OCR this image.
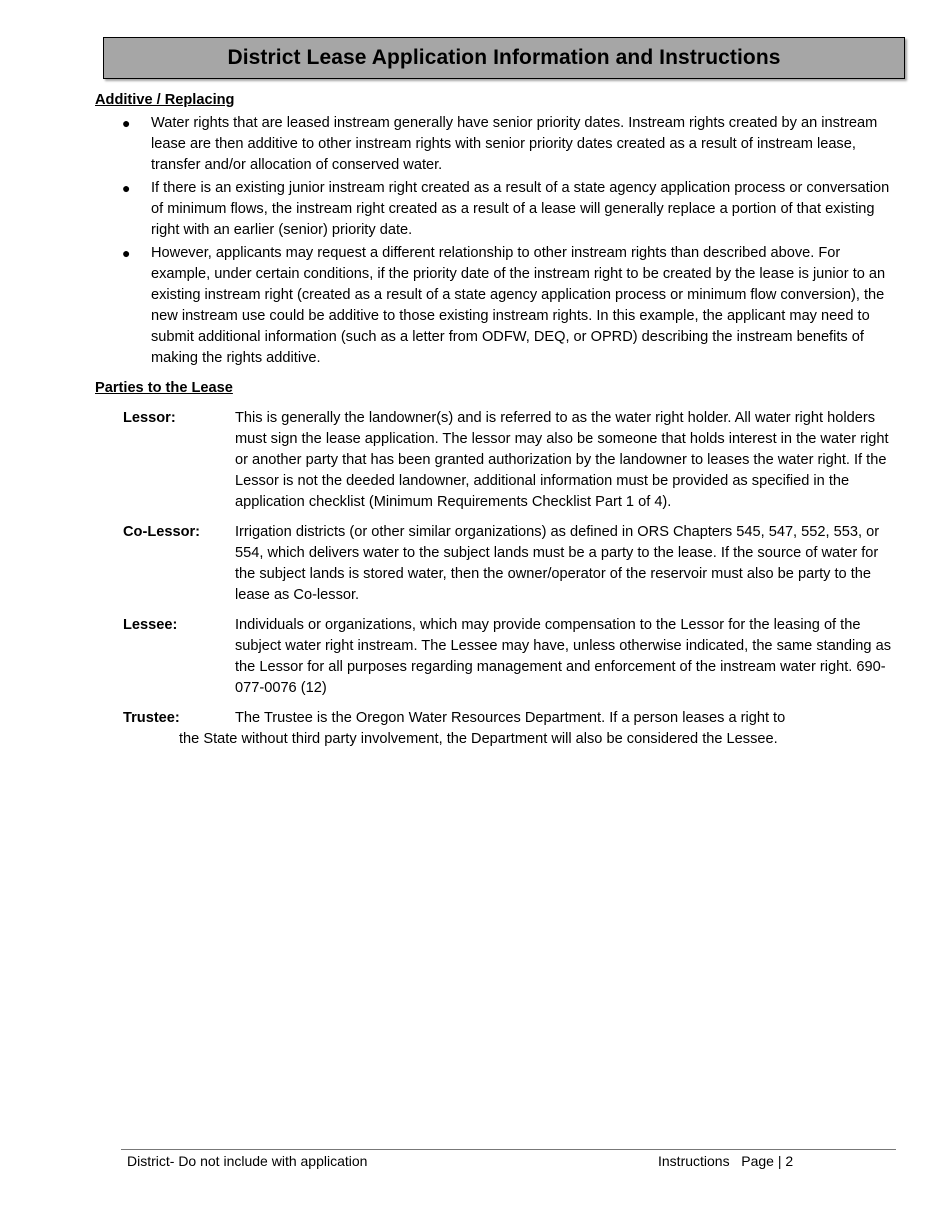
District Lease Application Information and Instructions
Additive / Replacing
● Water rights that are leased instream generally have senior priority dates. Instream rights created by an instream lease are then additive to other instream rights with senior priority dates created as a result of instream lease, transfer and/or allocation of conserved water.
● If there is an existing junior instream right created as a result of a state agency application process or conversation of minimum flows, the instream right created as a result of a lease will generally replace a portion of that existing right with an earlier (senior) priority date.
● However, applicants may request a different relationship to other instream rights than described above. For example, under certain conditions, if the priority date of the instream right to be created by the lease is junior to an existing instream right (created as a result of a state agency application process or minimum flow conversion), the new instream use could be additive to those existing instream rights. In this example, the applicant may need to submit additional information (such as a letter from ODFW, DEQ, or OPRD) describing the instream benefits of making the rights additive.
Parties to the Lease
Lessor:	This is generally the landowner(s) and is referred to as the water right holder. All water right holders must sign the lease application. The lessor may also be someone that holds interest in the water right or another party that has been granted authorization by the landowner to leases the water right. If the Lessor is not the deeded landowner, additional information must be provided as specified in the application checklist (Minimum Requirements Checklist Part 1 of 4).
Co-Lessor:	Irrigation districts (or other similar organizations) as defined in ORS Chapters 545, 547, 552, 553, or 554, which delivers water to the subject lands must be a party to the lease. If the source of water for the subject lands is stored water, then the owner/operator of the reservoir must also be party to the lease as Co-lessor.
Lessee:	Individuals or organizations, which may provide compensation to the Lessor for the leasing of the subject water right instream. The Lessee may have, unless otherwise indicated, the same standing as the Lessor for all purposes regarding management and enforcement of the instream water right. 690-077-0076 (12)
Trustee:	The Trustee is the Oregon Water Resources Department. If a person leases a right to
the State without third party involvement, the Department will also be considered the Lessee.
District- Do not include with application	Instructions Page | 2
